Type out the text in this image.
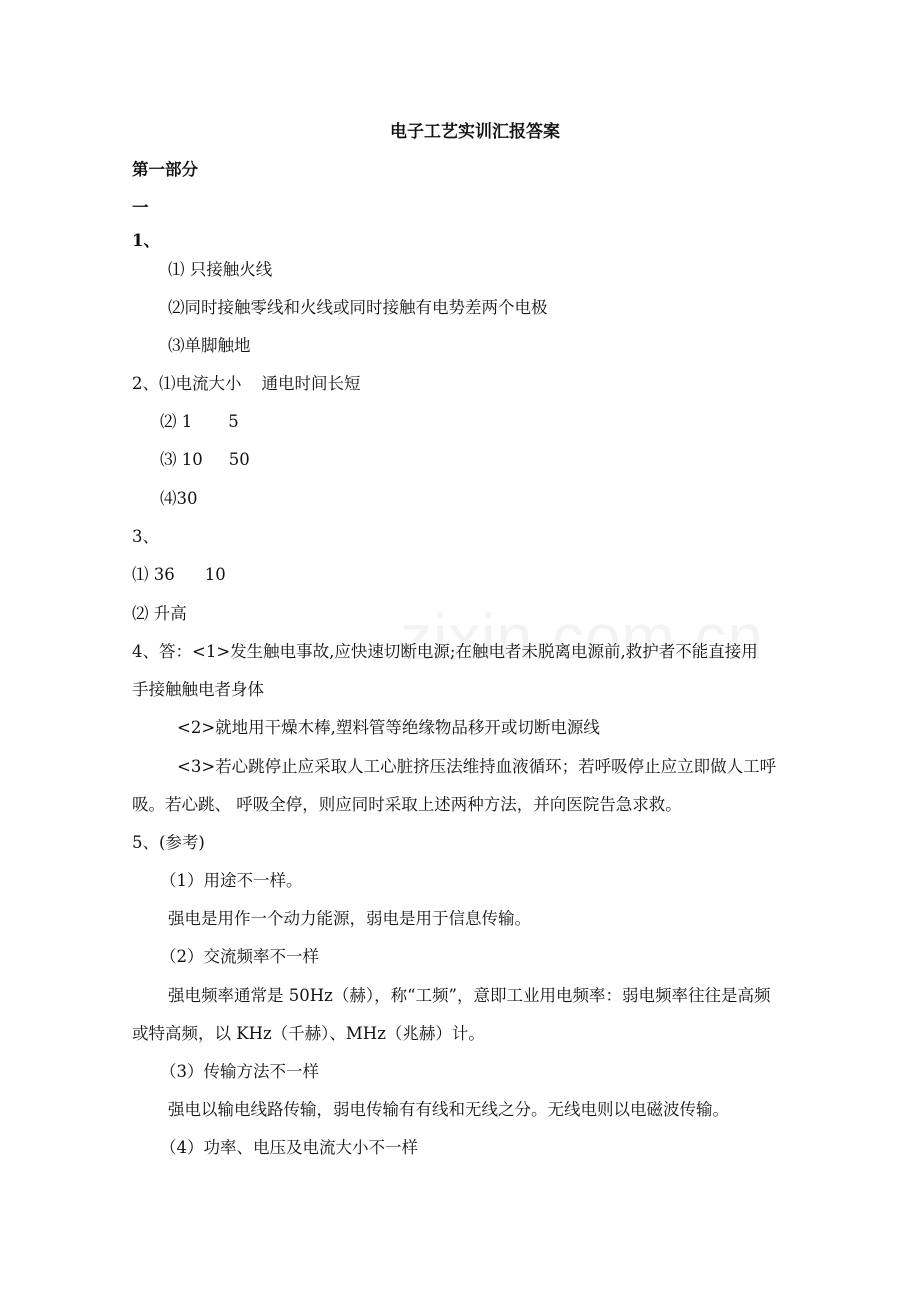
电子工艺实训汇报答案
第一部分
一
1、
⑴ 只接触火线
⑵同时接触零线和火线或同时接触有电势差两个电极
⑶单脚触地
2、⑴电流大小 通电时间长短
⑵ 1 5
⑶ 10 50
⑷30
3、
⑴ 36 10
⑵ 升高
4、答：<1>发生触电事故,应快速切断电源;在触电者未脱离电源前,救护者不能直接用
手接触触电者身体
<2>就地用干燥木棒,塑料管等绝缘物品移开或切断电源线
<3>若心跳停止应采取人工心脏挤压法维持血液循环；若呼吸停止应立即做人工呼
吸。若心跳、 呼吸全停，则应同时采取上述两种方法，并向医院告急求救。
5、(参考)
（1）用途不一样。
强电是用作一个动力能源，弱电是用于信息传输。
（2）交流频率不一样
强电频率通常是 50Hz（赫），称“工频”，意即工业用电频率：弱电频率往往是高频
或特高频，以 KHz（千赫）、MHz（兆赫）计。
（3）传输方法不一样
强电以输电线路传输，弱电传输有有线和无线之分。无线电则以电磁波传输。
（4）功率、电压及电流大小不一样
